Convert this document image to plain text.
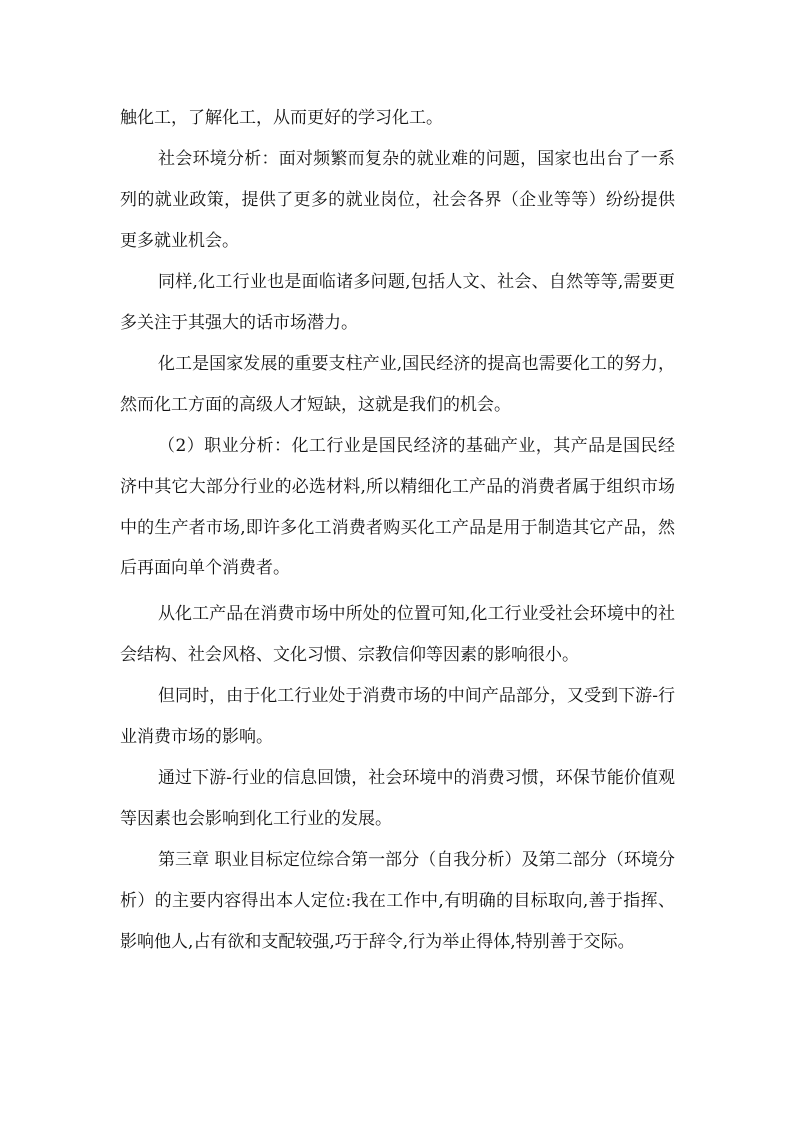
触化工，了解化工，从而更好的学习化工。

社会环境分析：面对频繁而复杂的就业难的问题，国家也出台了一系列的就业政策，提供了更多的就业岗位，社会各界（企业等等）纷纷提供更多就业机会。

同样,化工行业也是面临诸多问题,包括人文、社会、自然等等,需要更多关注于其强大的话市场潜力。

化工是国家发展的重要支柱产业,国民经济的提高也需要化工的努力，然而化工方面的高级人才短缺，这就是我们的机会。

（2）职业分析：化工行业是国民经济的基础产业，其产品是国民经济中其它大部分行业的必选材料,所以精细化工产品的消费者属于组织市场中的生产者市场,即许多化工消费者购买化工产品是用于制造其它产品，然后再面向单个消费者。

从化工产品在消费市场中所处的位置可知,化工行业受社会环境中的社会结构、社会风格、文化习惯、宗教信仰等因素的影响很小。

但同时，由于化工行业处于消费市场的中间产品部分，又受到下游-行业消费市场的影响。

通过下游-行业的信息回馈，社会环境中的消费习惯，环保节能价值观等因素也会影响到化工行业的发展。

第三章 职业目标定位综合第一部分（自我分析）及第二部分（环境分析）的主要内容得出本人定位:我在工作中,有明确的目标取向,善于指挥、影响他人,占有欲和支配较强,巧于辞令,行为举止得体,特别善于交际。
